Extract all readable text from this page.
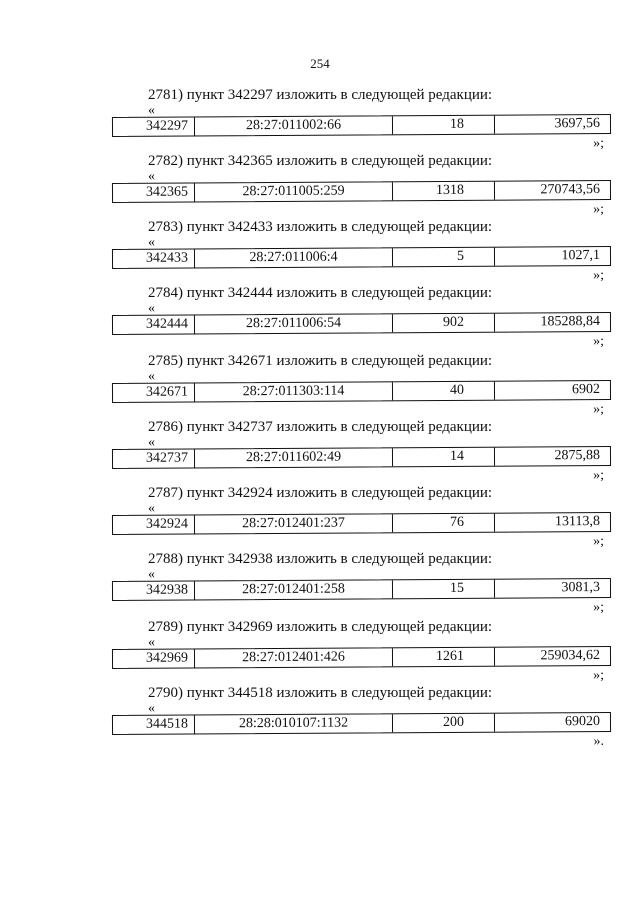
254
2781) пункт 342297 изложить в следующей редакции:
«
342297	28:27:011002:66	18	3697,56
»;
2782) пункт 342365 изложить в следующей редакции:
«
342365	28:27:011005:259	1318	270743,56
»;
2783) пункт 342433 изложить в следующей редакции:
«
342433	28:27:011006:4	5	1027,1
»;
2784) пункт 342444 изложить в следующей редакции:
«
342444	28:27:011006:54	902	185288,84
»;
2785) пункт 342671 изложить в следующей редакции:
«
342671	28:27:011303:114	40	6902
»;
2786) пункт 342737 изложить в следующей редакции:
«
342737	28:27:011602:49	14	2875,88
»;
2787) пункт 342924 изложить в следующей редакции:
«
342924	28:27:012401:237	76	13113,8
»;
2788) пункт 342938 изложить в следующей редакции:
«
342938	28:27:012401:258	15	3081,3
»;
2789) пункт 342969 изложить в следующей редакции:
«
342969	28:27:012401:426	1261	259034,62
»;
2790) пункт 344518 изложить в следующей редакции:
«
344518	28:28:010107:1132	200	69020
».
